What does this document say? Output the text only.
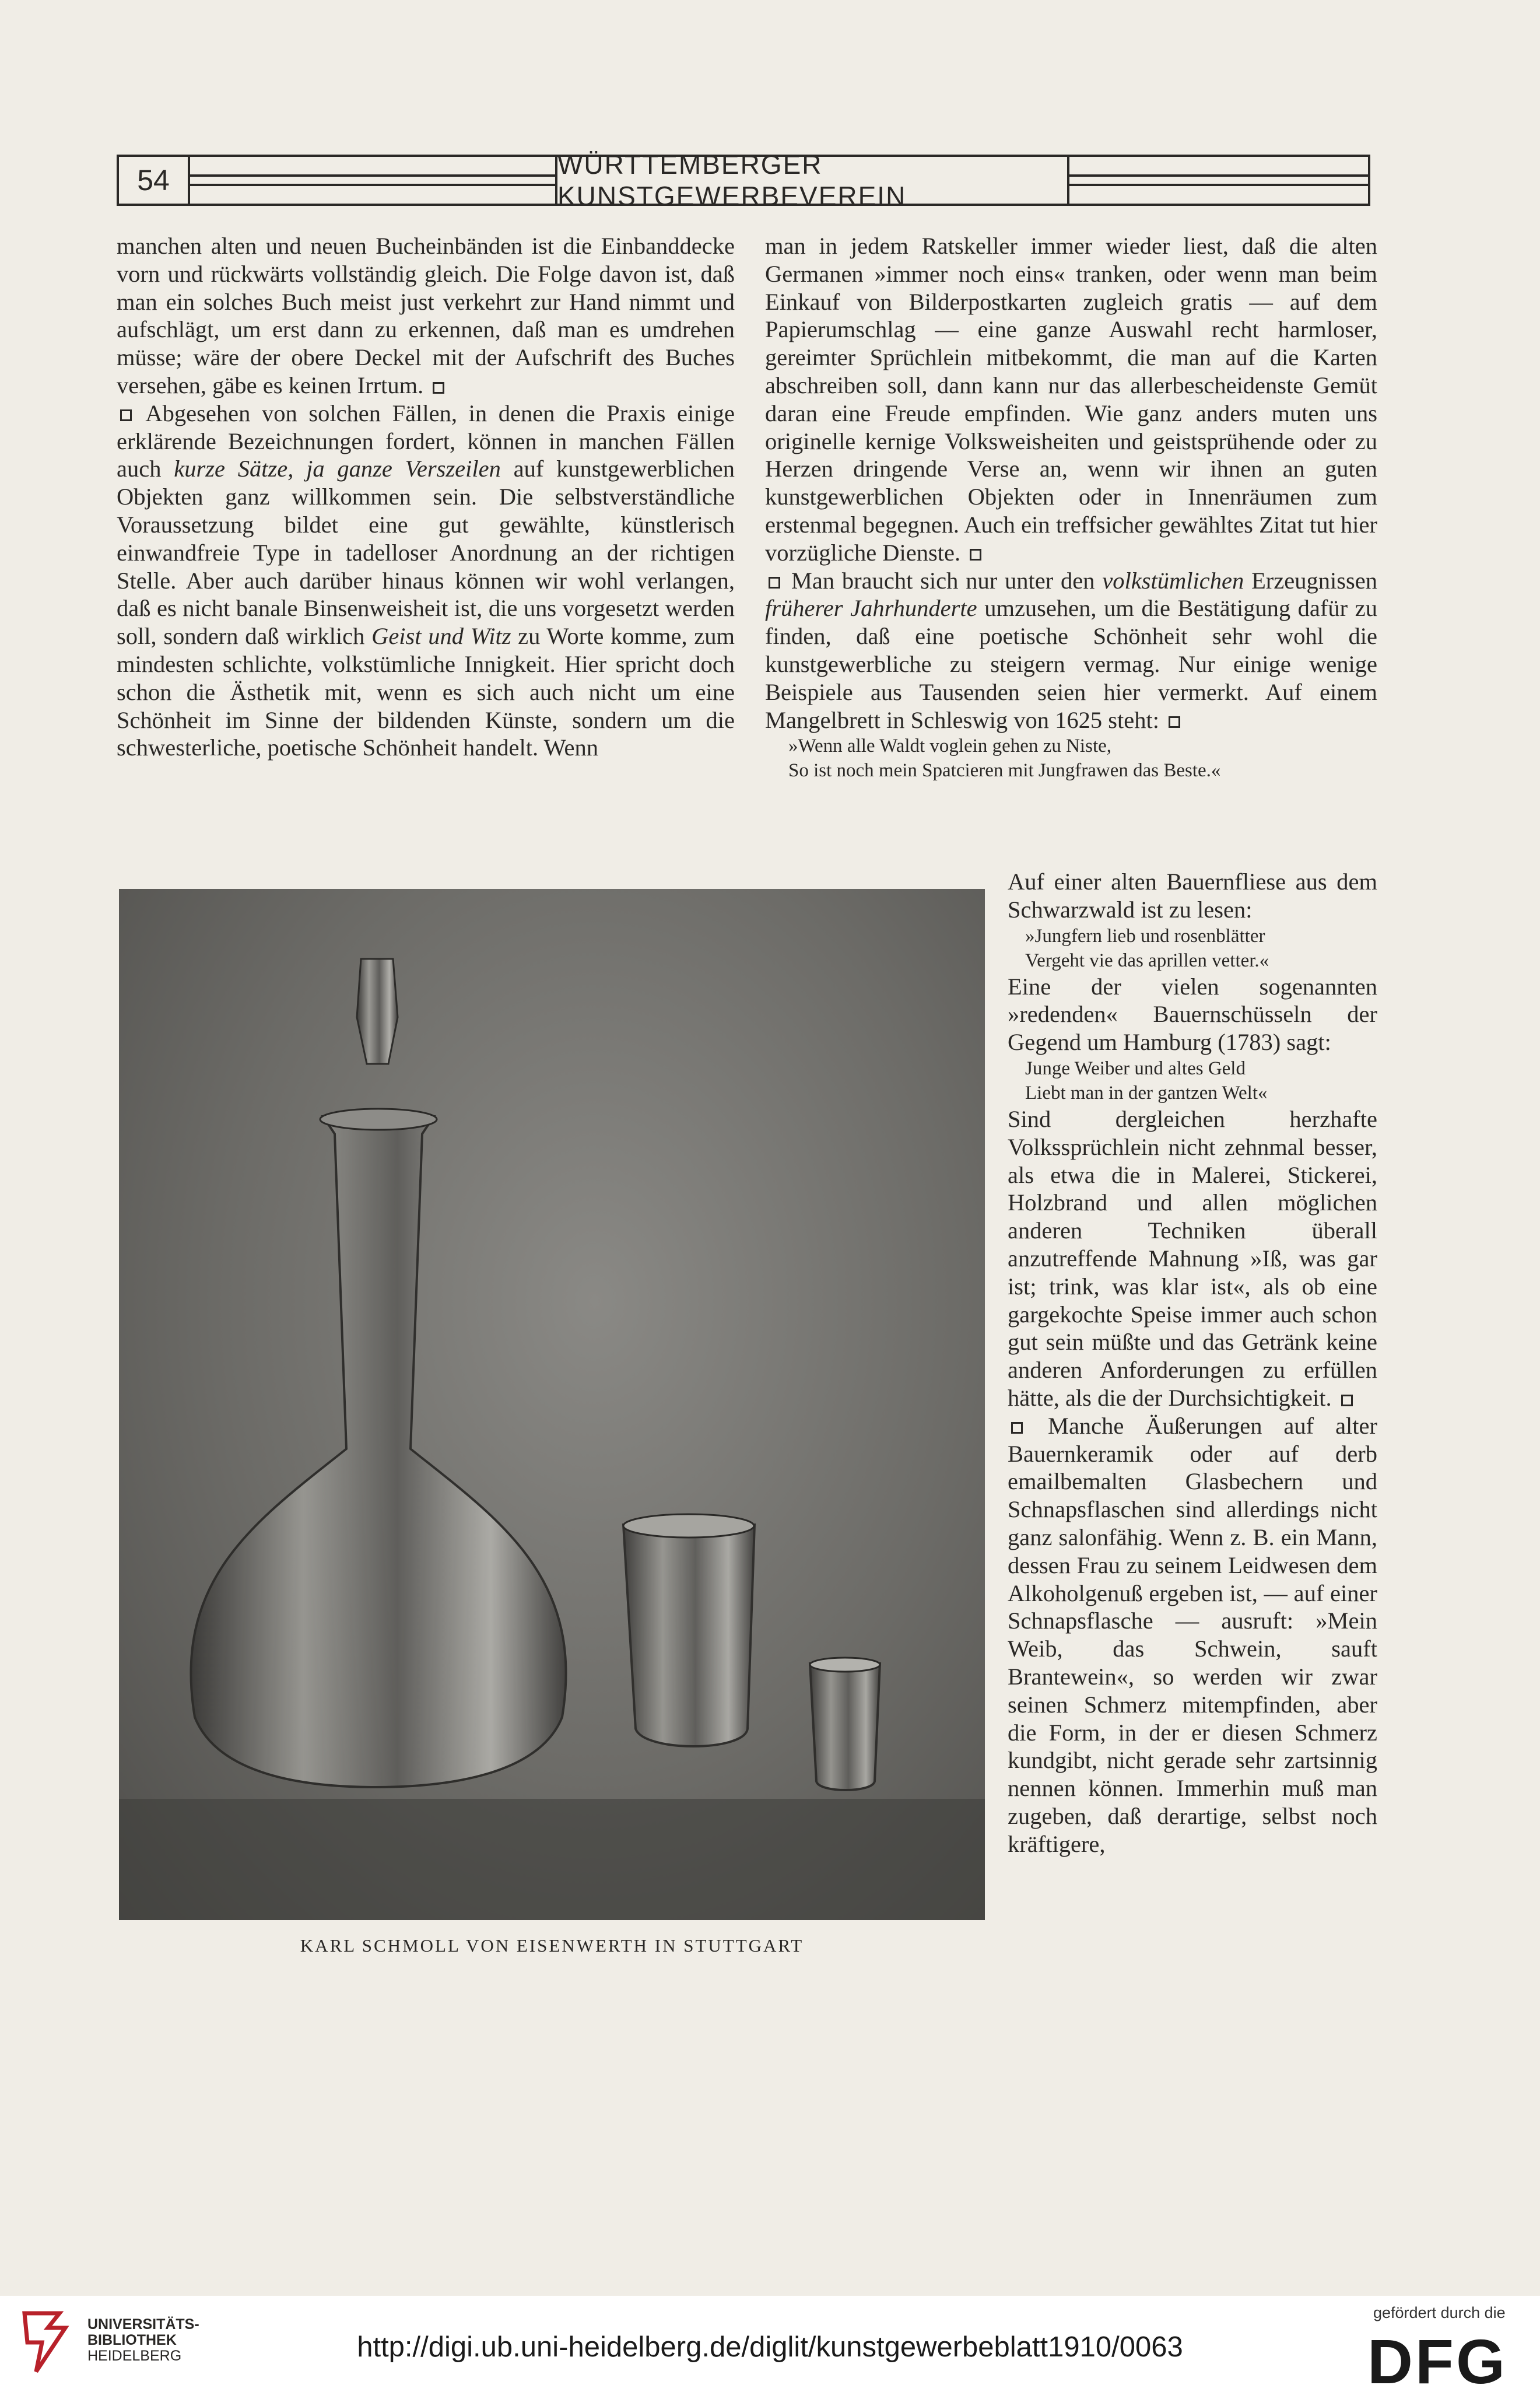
54	WÜRTTEMBERGER KUNSTGEWERBEVEREIN

manchen alten und neuen Bucheinbänden ist die Einbanddecke vorn und rückwärts vollständig gleich. Die Folge davon ist, daß man ein solches Buch meist just verkehrt zur Hand nimmt und aufschlägt, um erst dann zu erkennen, daß man es umdrehen müsse; wäre der obere Deckel mit der Aufschrift des Buches versehen, gäbe es keinen Irrtum.

Abgesehen von solchen Fällen, in denen die Praxis einige erklärende Bezeichnungen fordert, können in manchen Fällen auch kurze Sätze, ja ganze Verszeilen auf kunstgewerblichen Objekten ganz willkommen sein. Die selbstverständliche Voraussetzung bildet eine gut gewählte, künstlerisch einwandfreie Type in tadelloser Anordnung an der richtigen Stelle. Aber auch darüber hinaus können wir wohl verlangen, daß es nicht banale Binsenweisheit ist, die uns vorgesetzt werden soll, sondern daß wirklich Geist und Witz zu Worte komme, zum mindesten schlichte, volkstümliche Innigkeit. Hier spricht doch schon die Ästhetik mit, wenn es sich auch nicht um eine Schönheit im Sinne der bildenden Künste, sondern um die schwesterliche, poetische Schönheit handelt. Wenn

man in jedem Ratskeller immer wieder liest, daß die alten Germanen »immer noch eins« tranken, oder wenn man beim Einkauf von Bilderpostkarten zugleich gratis — auf dem Papierumschlag — eine ganze Auswahl recht harmloser, gereimter Sprüchlein mitbekommt, die man auf die Karten abschreiben soll, dann kann nur das allerbescheidenste Gemüt daran eine Freude empfinden. Wie ganz anders muten uns originelle kernige Volksweisheiten und geistsprühende oder zu Herzen dringende Verse an, wenn wir ihnen an guten kunstgewerblichen Objekten oder in Innenräumen zum erstenmal begegnen. Auch ein treffsicher gewähltes Zitat tut hier vorzügliche Dienste.

Man braucht sich nur unter den volkstümlichen Erzeugnissen früherer Jahrhunderte umzusehen, um die Bestätigung dafür zu finden, daß eine poetische Schönheit sehr wohl die kunstgewerbliche zu steigern vermag. Nur einige wenige Beispiele aus Tausenden seien hier vermerkt. Auf einem Mangelbrett in Schleswig von 1625 steht:

»Wenn alle Waldt voglein gehen zu Niste,
So ist noch mein Spatcieren mit Jungfrawen das Beste.«
KARL SCHMOLL VON EISENWERTH IN STUTTGART

Auf einer alten Bauernfliese aus dem Schwarzwald ist zu lesen:

»Jungfern lieb und rosenblätter
Vergeht vie das aprillen vetter.«

Eine der vielen sogenannten »redenden« Bauernschüsseln der Gegend um Hamburg (1783) sagt:

Junge Weiber und altes Geld
Liebt man in der gantzen Welt«

Sind dergleichen herzhafte Volkssprüchlein nicht zehnmal besser, als etwa die in Malerei, Stickerei, Holzbrand und allen möglichen anderen Techniken überall anzutreffende Mahnung »Iß, was gar ist; trink, was klar ist«, als ob eine gargekochte Speise immer auch schon gut sein müßte und das Getränk keine anderen Anforderungen zu erfüllen hätte, als die der Durchsichtigkeit.

Manche Äußerungen auf alter Bauernkeramik oder auf derb emailbemalten Glasbechern und Schnapsflaschen sind allerdings nicht ganz salonfähig. Wenn z. B. ein Mann, dessen Frau zu seinem Leidwesen dem Alkoholgenuß ergeben ist, — auf einer Schnapsflasche — ausruft: »Mein Weib, das Schwein, sauft Brantewein«, so werden wir zwar seinen Schmerz mitempfinden, aber die Form, in der er diesen Schmerz kundgibt, nicht gerade sehr zartsinnig nennen können. Immerhin muß man zugeben, daß derartige, selbst noch kräftigere,

UNIVERSITÄTS-
BIBLIOTHEK
HEIDELBERG	http://digi.ub.uni-heidelberg.de/diglit/kunstgewerbeblatt1910/0063
gefördert durch die
DFG
